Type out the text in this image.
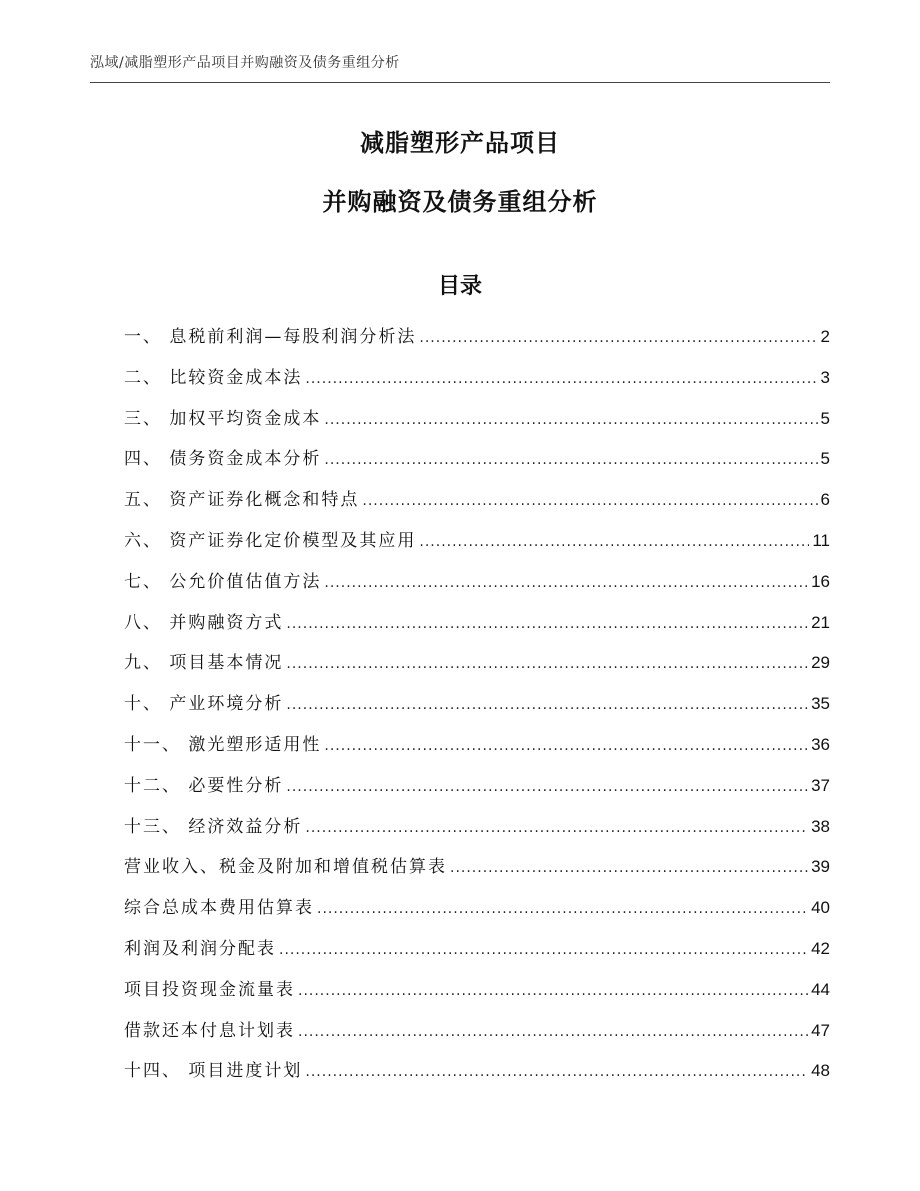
泓域/减脂塑形产品项目并购融资及债务重组分析
减脂塑形产品项目
并购融资及债务重组分析
目录
一、 息税前利润—每股利润分析法 .....	2
二、 比较资金成本法 .....	3
三、 加权平均资金成本 .....	5
四、 债务资金成本分析 .....	5
五、 资产证券化概念和特点 .....	6
六、 资产证券化定价模型及其应用 .....	11
七、 公允价值估值方法 .....	16
八、 并购融资方式 .....	21
九、 项目基本情况 .....	29
十、 产业环境分析 .....	35
十一、 激光塑形适用性 .....	36
十二、 必要性分析 .....	37
十三、 经济效益分析 .....	38
营业收入、税金及附加和增值税估算表 .....	39
综合总成本费用估算表 .....	40
利润及利润分配表 .....	42
项目投资现金流量表 .....	44
借款还本付息计划表 .....	47
十四、 项目进度计划 .....	48
